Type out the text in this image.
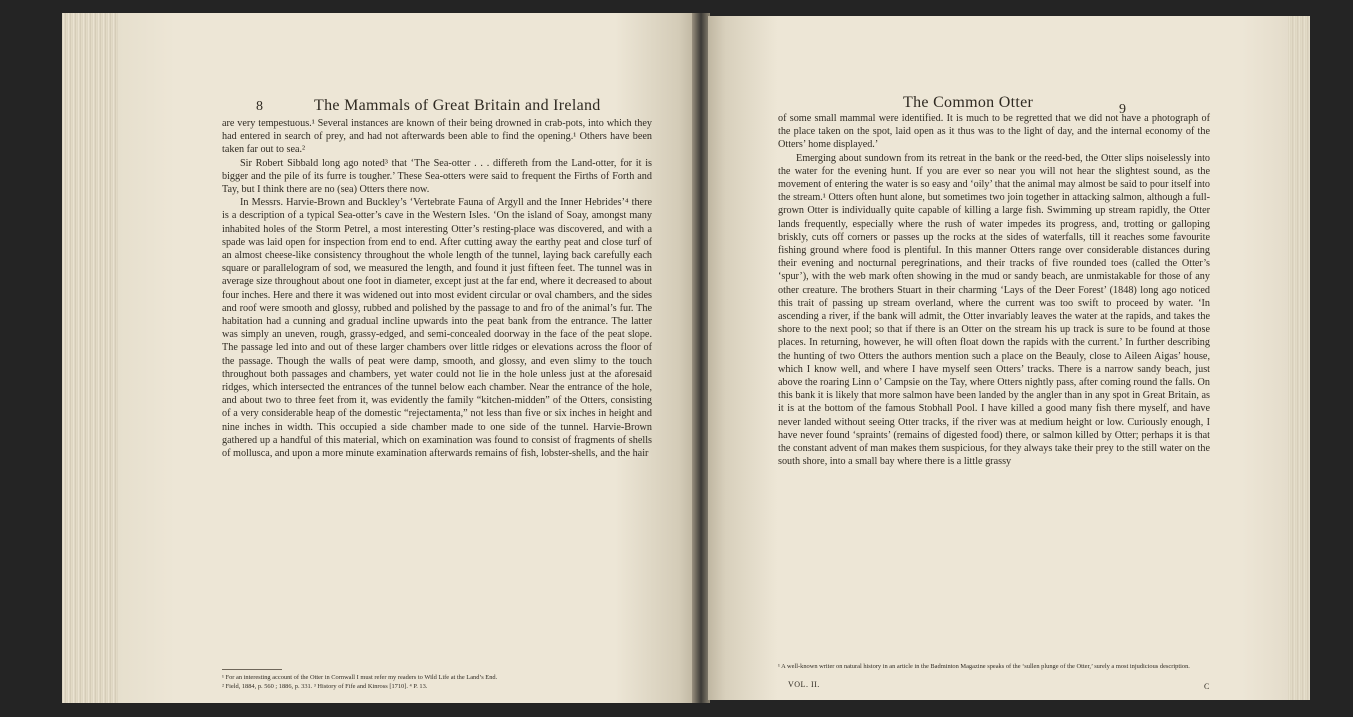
8	The Mammals of Great Britain and Ireland

are very tempestuous.¹ Several instances are known of their being drowned in crab-pots, into which they had entered in search of prey, and had not afterwards been able to find the opening.¹ Others have been taken far out to sea.²

Sir Robert Sibbald long ago noted³ that ‘The Sea-otter . . . differeth from the Land-otter, for it is bigger and the pile of its furre is tougher.’ These Sea-otters were said to frequent the Firths of Forth and Tay, but I think there are no (sea) Otters there now.

In Messrs. Harvie-Brown and Buckley’s ‘Vertebrate Fauna of Argyll and the Inner Hebrides’⁴ there is a description of a typical Sea-otter’s cave in the Western Isles. ‘On the island of Soay, amongst many inhabited holes of the Storm Petrel, a most interesting Otter’s resting-place was discovered, and with a spade was laid open for inspection from end to end. After cutting away the earthy peat and close turf of an almost cheese-like consistency throughout the whole length of the tunnel, laying back carefully each square or parallelogram of sod, we measured the length, and found it just fifteen feet. The tunnel was in average size throughout about one foot in diameter, except just at the far end, where it decreased to about four inches. Here and there it was widened out into most evident circular or oval chambers, and the sides and roof were smooth and glossy, rubbed and polished by the passage to and fro of the animal’s fur. The habitation had a cunning and gradual incline upwards into the peat bank from the entrance. The latter was simply an uneven, rough, grassy-edged, and semi-concealed doorway in the face of the peat slope. The passage led into and out of these larger chambers over little ridges or elevations across the floor of the passage. Though the walls of peat were damp, smooth, and glossy, and even slimy to the touch throughout both passages and chambers, yet water could not lie in the hole unless just at the aforesaid ridges, which intersected the entrances of the tunnel below each chamber. Near the entrance of the hole, and about two to three feet from it, was evidently the family “kitchen-midden” of the Otters, consisting of a very considerable heap of the domestic “rejectamenta,” not less than five or six inches in height and nine inches in width. This occupied a side chamber made to one side of the tunnel. Harvie-Brown gathered up a handful of this material, which on examination was found to consist of fragments of shells of mollusca, and upon a more minute examination afterwards remains of fish, lobster-shells, and the hair

¹ For an interesting account of the Otter in Cornwall I must refer my readers to Wild Life at the Land’s End.
² Field, 1884, p. 560 ; 1886, p. 331. ³ History of Fife and Kinross [1710]. ⁴ P. 13.
The Common Otter	9

of some small mammal were identified. It is much to be regretted that we did not have a photograph of the place taken on the spot, laid open as it thus was to the light of day, and the internal economy of the Otters’ home displayed.’

Emerging about sundown from its retreat in the bank or the reed-bed, the Otter slips noiselessly into the water for the evening hunt. If you are ever so near you will not hear the slightest sound, as the movement of entering the water is so easy and ‘oily’ that the animal may almost be said to pour itself into the stream.¹ Otters often hunt alone, but sometimes two join together in attacking salmon, although a full-grown Otter is individually quite capable of killing a large fish. Swimming up stream rapidly, the Otter lands frequently, especially where the rush of water impedes its progress, and, trotting or galloping briskly, cuts off corners or passes up the rocks at the sides of waterfalls, till it reaches some favourite fishing ground where food is plentiful. In this manner Otters range over considerable distances during their evening and nocturnal peregrinations, and their tracks of five rounded toes (called the Otter’s ‘spur’), with the web mark often showing in the mud or sandy beach, are unmistakable for those of any other creature. The brothers Stuart in their charming ‘Lays of the Deer Forest’ (1848) long ago noticed this trait of passing up stream overland, where the current was too swift to proceed by water. ‘In ascending a river, if the bank will admit, the Otter invariably leaves the water at the rapids, and takes the shore to the next pool; so that if there is an Otter on the stream his up track is sure to be found at those places. In returning, however, he will often float down the rapids with the current.’ In further describing the hunting of two Otters the authors mention such a place on the Beauly, close to Aileen Aigas’ house, which I know well, and where I have myself seen Otters’ tracks. There is a narrow sandy beach, just above the roaring Linn o’ Campsie on the Tay, where Otters nightly pass, after coming round the falls. On this bank it is likely that more salmon have been landed by the angler than in any spot in Great Britain, as it is at the bottom of the famous Stobhall Pool. I have killed a good many fish there myself, and have never landed without seeing Otter tracks, if the river was at medium height or low. Curiously enough, I have never found ‘spraints’ (remains of digested food) there, or salmon killed by Otter; perhaps it is that the constant advent of man makes them suspicious, for they always take their prey to the still water on the south shore, into a small bay where there is a little grassy

¹ A well-known writer on natural history in an article in the Badminton Magazine speaks of the ‘sullen plunge of the Otter,’ surely a most injudicious description.
VOL. II.	C
